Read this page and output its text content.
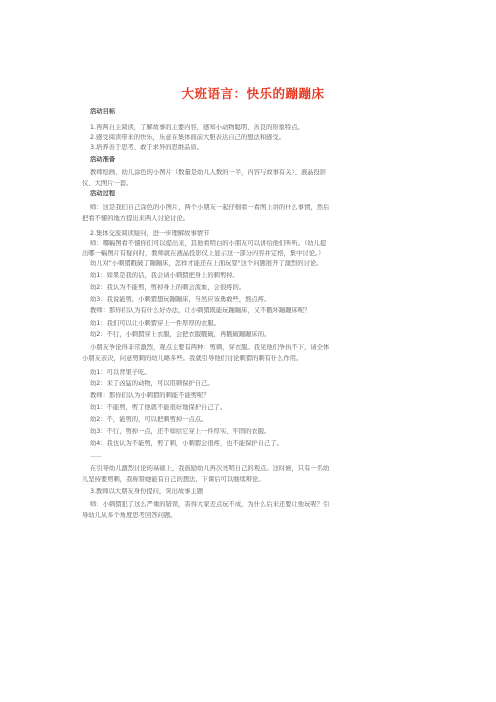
大班语言：快乐的蹦蹦床
活动目标
1.再两自主阅读，了解故事的主要内容，感知小动物聪明、善良的形象特点。
2.感受阅读带来的快乐，乐意在集体面前大胆表达自己的想法和感受。
3.培养善于思考、敢于求异的思维品质。
活动准备
教师绘画、幼儿涂色的小图片（数量是幼儿人数的一半，内容与故事有关）、液晶投影
仪、大图片一套。
活动过程
师：这是我们自己涂色的小图片，两个小朋友一起仔细看一看图上讲的什么事情，然后
把看不懂的地方提出来两人讨论讨论。
2.集体交流阅读疑问，进一步理解故事情节
师：哪幅图看不懂你们可以提出来，其他看明白的小朋友可以讲给他们听听。（幼儿提
出哪一幅图片有疑问时，教师就在液晶投影仪上显示这一部分内容并定格，集中讨论。）
幼儿对"小刺猬戳破了蹦蹦床，怎样才能还在上面玩耍"这个问题展开了激烈的讨论。
幼1：如果是我的话，我会请小刺猬把身上的刺剪掉。
幼2：我认为不能剪，剪掉身上的刺会流血，会很疼的。
幼3：我说能剪，小刺猬想玩蹦蹦床，当然应该勇敢些，熬点疼。
教师：那你们认为有什么好办法，让小刺猬既能玩蹦蹦床，又不戳坏蹦蹦床呢？
幼1：我们可以让小刺猬穿上一件厚厚的衣服。
幼2：不行，小刺猬穿上衣服，会把衣服戳破，再戳破蹦蹦床的。
小朋友争论得非常激烈，观点主要有两种：剪刺、穿衣服。我见他们争执不下，请全体
小朋友表决，问意剪刺的幼儿略多些。我就引导他们讨论刺猬的刺有什么作用。
幼1：可以背果子吃。
幼2：来了凶猛的动物，可以用刺保护自己。
教师：那你们认为小刺猬的刺能不能剪呢？
幼1：不能剪，剪了他就不能很好地保护自己了。
幼2：不，能剪的，可以把刺剪掉一点点。
幼3：不行，剪掉一点，还不如给它穿上一件厚实、牢固的衣服。
幼4：我也认为不能剪，剪了刺，小刺猬会很疼，也不能保护自己了。
......
在引导幼儿激烈讨论的基础上，我鼓励幼儿再次亮明自己的观点。这时候，只有一名幼
儿坚持要剪刺，我称赞她能有自己的想法，下课后可以继续辩论。
3.教师以大朋友身份提问，突出故事主题
师：小刺猬犯了这么严重的错误，害得大家差点玩不成，为什么后来还要让他玩呢？引
导幼儿从多个角度思考回答问题。
